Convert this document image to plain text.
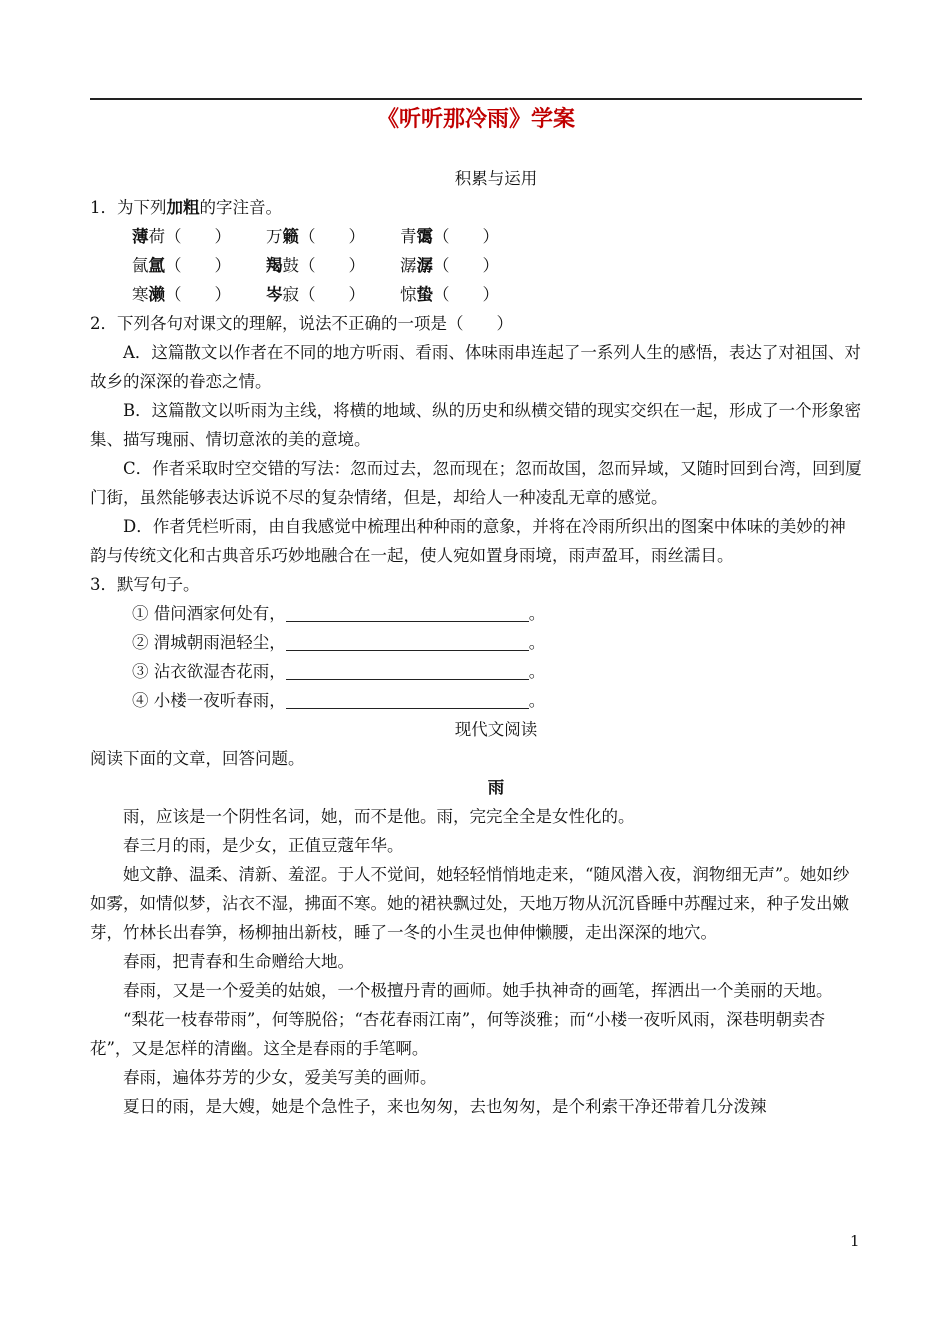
《听听那冷雨》学案

积累与运用

1．为下列加粗的字注音。

薄荷（　　） 万籁（　　） 青霭（　　）
氤氲（　　） 羯鼓（　　） 潺潺（　　）
寒濑（　　） 岑寂（　　） 惊蛰（　　）

2．下列各句对课文的理解，说法不正确的一项是（　　）

A．这篇散文以作者在不同的地方听雨、看雨、体味雨串连起了一系列人生的感悟，表达了对祖国、对故乡的深深的眷恋之情。

B．这篇散文以听雨为主线，将横的地域、纵的历史和纵横交错的现实交织在一起，形成了一个形象密集、描写瑰丽、情切意浓的美的意境。

C．作者采取时空交错的写法：忽而过去，忽而现在；忽而故国，忽而异域，又随时回到台湾，回到厦门街，虽然能够表达诉说不尽的复杂情绪，但是，却给人一种凌乱无章的感觉。

D．作者凭栏听雨，由自我感觉中梳理出种种雨的意象，并将在冷雨所织出的图案中体味的美妙的神韵与传统文化和古典音乐巧妙地融合在一起，使人宛如置身雨境，雨声盈耳，雨丝濡目。

3．默写句子。

① 借问酒家何处有，	。
② 渭城朝雨浥轻尘，	。
③ 沾衣欲湿杏花雨，	。
④ 小楼一夜听春雨，	。

现代文阅读

阅读下面的文章，回答问题。

雨

雨，应该是一个阴性名词，她，而不是他。雨，完完全全是女性化的。

春三月的雨，是少女，正值豆蔻年华。

她文静、温柔、清新、羞涩。于人不觉间，她轻轻悄悄地走来，“随风潜入夜，润物细无声”。她如纱如雾，如情似梦，沾衣不湿，拂面不寒。她的裙袂飘过处，天地万物从沉沉昏睡中苏醒过来，种子发出嫩芽，竹林长出春笋，杨柳抽出新枝，睡了一冬的小生灵也伸伸懒腰，走出深深的地穴。

春雨，把青春和生命赠给大地。

春雨，又是一个爱美的姑娘，一个极擅丹青的画师。她手执神奇的画笔，挥洒出一个美丽的天地。

“梨花一枝春带雨”，何等脱俗；“杏花春雨江南”，何等淡雅；而“小楼一夜听风雨，深巷明朝卖杏花”，又是怎样的清幽。这全是春雨的手笔啊。

春雨，遍体芬芳的少女，爱美写美的画师。

夏日的雨，是大嫂，她是个急性子，来也匆匆，去也匆匆，是个利索干净还带着几分泼辣

1
